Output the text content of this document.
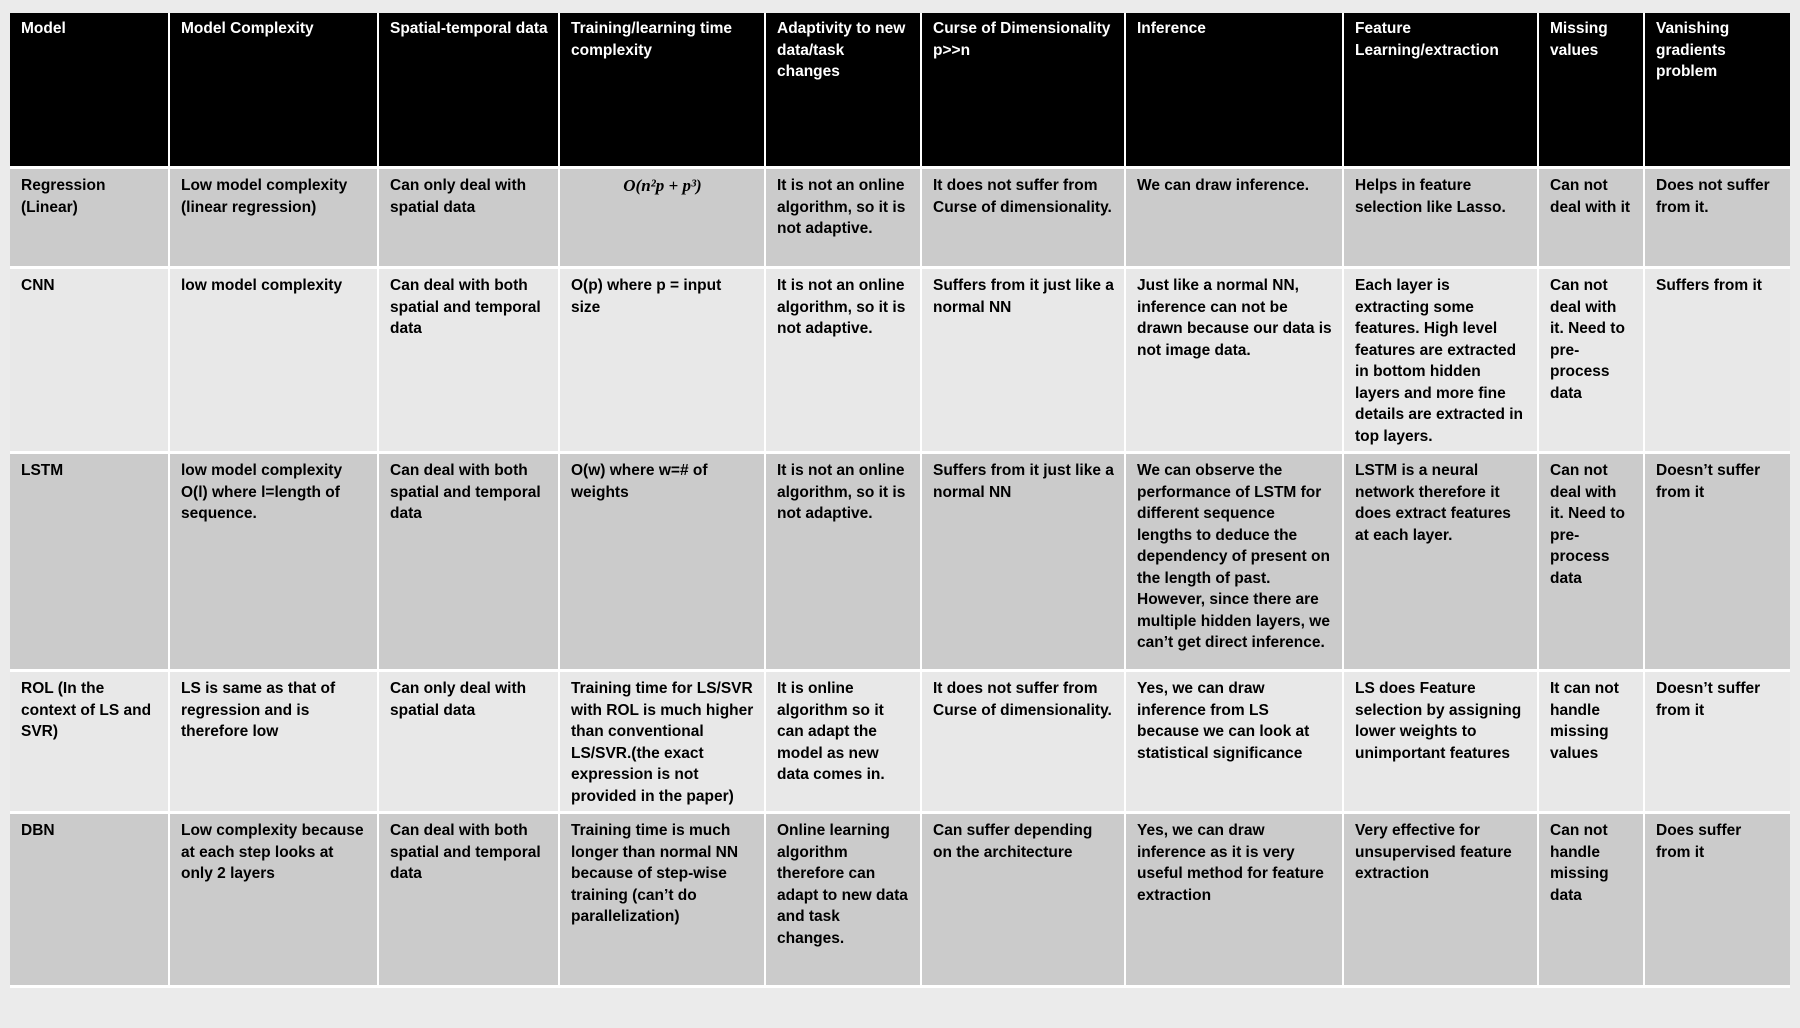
Model	Model Complexity	Spatial-temporal data	Training/learning time complexity	Adaptivity to new data/task changes	Curse of Dimensionality p>>n	Inference	Feature Learning/extraction	Missing values	Vanishing gradients problem
Regression (Linear)	Low model complexity (linear regression)	Can only deal with spatial data	O(n²p + p³)	It is not an online algorithm, so it is not adaptive.	It does not suffer from Curse of dimensionality.	We can draw inference.	Helps in feature selection like Lasso.	Can not deal with it	Does not suffer from it.
CNN	low model complexity	Can deal with both spatial and temporal data	O(p) where p = input size	It is not an online algorithm, so it is not adaptive.	Suffers from it just like a normal NN	Just like a normal NN, inference can not be drawn because our data is not image data.	Each layer is extracting some features. High level features are extracted in bottom hidden layers and more fine details are extracted in top layers.	Can not deal with it. Need to pre-process data	Suffers from it
LSTM	low model complexity O(l) where l=length of sequence.	Can deal with both spatial and temporal data	O(w) where w=# of weights	It is not an online algorithm, so it is not adaptive.	Suffers from it just like a normal NN	We can observe the performance of LSTM for different sequence lengths to deduce the dependency of present on the length of past. However, since there are multiple hidden layers, we can’t get direct inference.	LSTM is a neural network therefore it does extract features at each layer.	Can not deal with it. Need to pre-process data	Doesn’t suffer from it
ROL (In the context of LS and SVR)	LS is same as that of regression and is therefore low	Can only deal with spatial data	Training time for LS/SVR with ROL is much higher than conventional LS/SVR.(the exact expression is not provided in the paper)	It is online algorithm so it can adapt the model as new data comes in.	It does not suffer from Curse of dimensionality.	Yes, we can draw inference from LS because we can look at statistical significance	LS does Feature selection by assigning lower weights to unimportant features	It can not handle missing values	Doesn’t suffer from it
DBN	Low complexity because at each step looks at only 2 layers	Can deal with both spatial and temporal data	Training time is much longer than normal NN because of step-wise training (can’t do parallelization)	Online learning algorithm therefore can adapt to new data and task changes.	Can suffer depending on the architecture	Yes, we can draw inference as it is very useful method for feature extraction	Very effective for unsupervised feature extraction	Can not handle missing data	Does suffer from it
